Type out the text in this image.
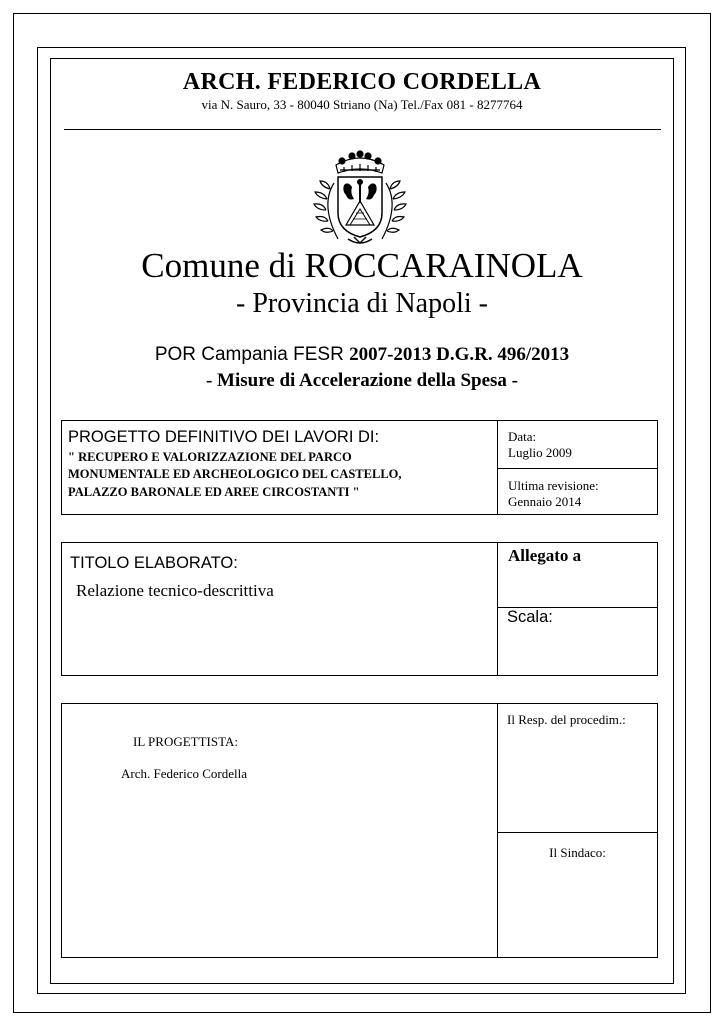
ARCH. FEDERICO CORDELLA
via N. Sauro, 33 - 80040 Striano (Na) Tel./Fax 081 - 8277764
Comune di ROCCARAINOLA
- Provincia di Napoli -
POR Campania FESR 2007-2013 D.G.R. 496/2013
- Misure di Accelerazione della Spesa -
PROGETTO DEFINITIVO DEI LAVORI DI:
" RECUPERO E VALORIZZAZIONE DEL PARCO
MONUMENTALE ED ARCHEOLOGICO DEL CASTELLO,
PALAZZO BARONALE ED AREE CIRCOSTANTI "
Data:
Luglio 2009
Ultima revisione:
Gennaio 2014
TITOLO ELABORATO:
Relazione tecnico-descrittiva
Allegato a
Scala:
IL PROGETTISTA:
Arch. Federico Cordella
Il Resp. del procedim.:
Il Sindaco:
